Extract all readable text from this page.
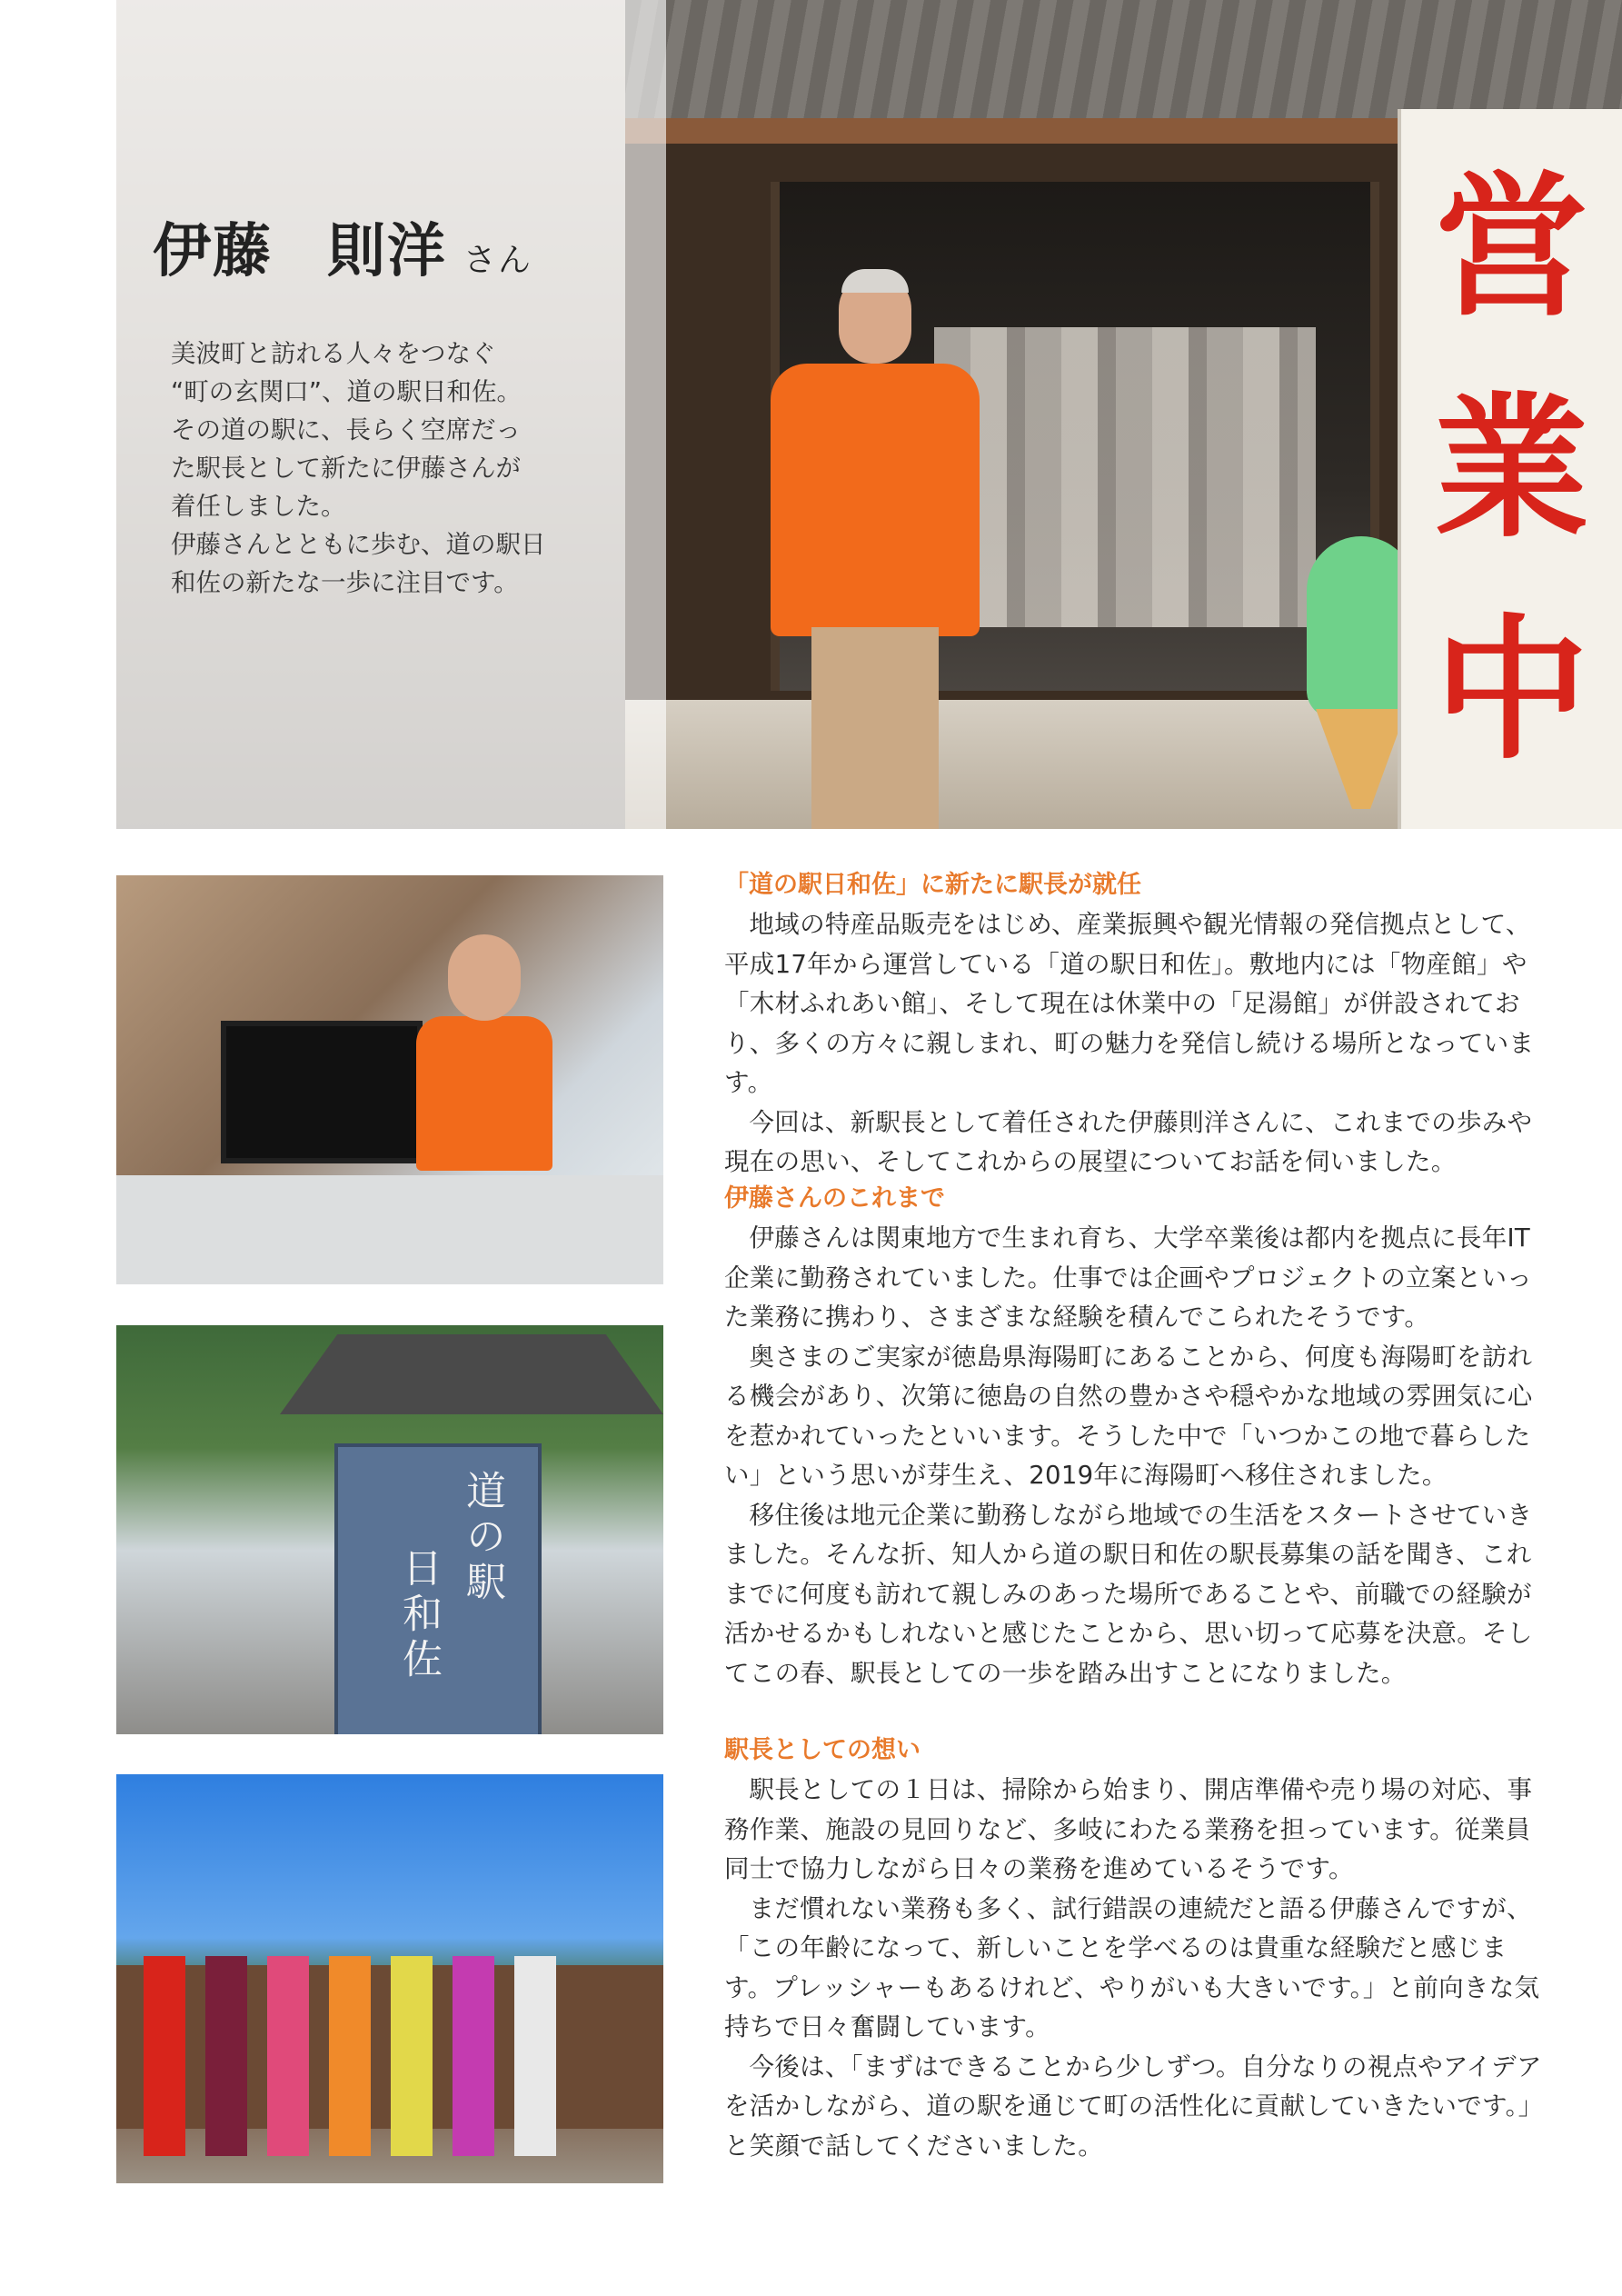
営
業
中
伊藤 則洋 さん

美波町と訪れる人々をつなぐ

“町の玄関口”、道の駅日和佐。

その道の駅に、長らく空席だっ

た駅長として新たに伊藤さんが

着任しました。

伊藤さんとともに歩む、道の駅日

和佐の新たな一歩に注目です。

道の駅
日和佐
「道の駅日和佐」に新たに駅長が就任

地域の特産品販売をはじめ、産業振興や観光情報の発信拠点として、平成17年から運営している「道の駅日和佐」。敷地内には「物産館」や「木材ふれあい館」、そして現在は休業中の「足湯館」が併設されており、多くの方々に親しまれ、町の魅力を発信し続ける場所となっています。

今回は、新駅長として着任された伊藤則洋さんに、これまでの歩みや現在の思い、そしてこれからの展望についてお話を伺いました。

伊藤さんのこれまで

伊藤さんは関東地方で生まれ育ち、大学卒業後は都内を拠点に長年IT企業に勤務されていました。仕事では企画やプロジェクトの立案といった業務に携わり、さまざまな経験を積んでこられたそうです。

奥さまのご実家が徳島県海陽町にあることから、何度も海陽町を訪れる機会があり、次第に徳島の自然の豊かさや穏やかな地域の雰囲気に心を惹かれていったといいます。そうした中で「いつかこの地で暮らしたい」という思いが芽生え、2019年に海陽町へ移住されました。

移住後は地元企業に勤務しながら地域での生活をスタートさせていきました。そんな折、知人から道の駅日和佐の駅長募集の話を聞き、これまでに何度も訪れて親しみのあった場所であることや、前職での経験が活かせるかもしれないと感じたことから、思い切って応募を決意。そしてこの春、駅長としての一歩を踏み出すことになりました。

駅長としての想い

駅長としての１日は、掃除から始まり、開店準備や売り場の対応、事務作業、施設の見回りなど、多岐にわたる業務を担っています。従業員同士で協力しながら日々の業務を進めているそうです。

まだ慣れない業務も多く、試行錯誤の連続だと語る伊藤さんですが、「この年齢になって、新しいことを学べるのは貴重な経験だと感じます。プレッシャーもあるけれど、やりがいも大きいです。」と前向きな気持ちで日々奮闘しています。

今後は、「まずはできることから少しずつ。自分なりの視点やアイデアを活かしながら、道の駅を通じて町の活性化に貢献していきたいです。」と笑顔で話してくださいました。
